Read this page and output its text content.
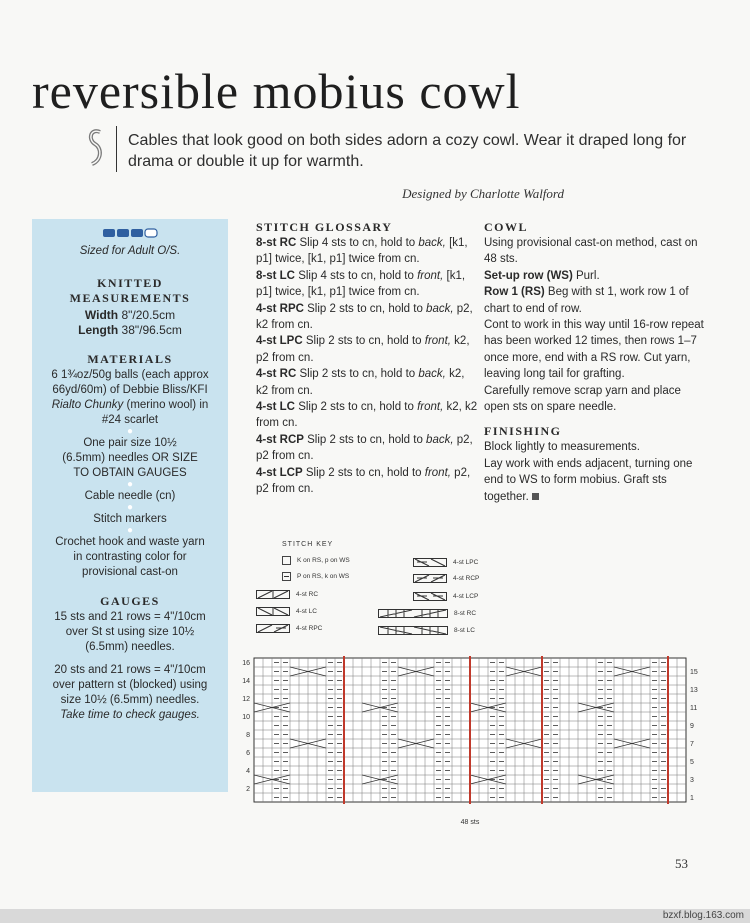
reversible mobius cowl
Cables that look good on both sides adorn a cozy cowl. Wear it draped long for drama or double it up for warmth.
Designed by Charlotte Walford
Sized for Adult O/S.
KNITTED MEASUREMENTS
Width 8"/20.5cm
Length 38"/96.5cm
MATERIALS
6 1¾oz/50g balls (each approx 66yd/60m) of Debbie Bliss/KFI Rialto Chunky (merino wool) in #24 scarlet
●
One pair size 10½ (6.5mm) needles OR SIZE TO OBTAIN GAUGES
●
Cable needle (cn)
●
Stitch markers
●
Crochet hook and waste yarn in contrasting color for provisional cast-on
GAUGES
15 sts and 21 rows = 4"/10cm over St st using size 10½ (6.5mm) needles.
20 sts and 21 rows = 4"/10cm over pattern st (blocked) using size 10½ (6.5mm) needles.
Take time to check gauges.
STITCH GLOSSARY
8-st RC Slip 4 sts to cn, hold to back, [k1, p1] twice, [k1, p1] twice from cn.
8-st LC Slip 4 sts to cn, hold to front, [k1, p1] twice, [k1, p1] twice from cn.
4-st RPC Slip 2 sts to cn, hold to back, p2, k2 from cn.
4-st LPC Slip 2 sts to cn, hold to front, k2, p2 from cn.
4-st RC Slip 2 sts to cn, hold to back, k2, k2 from cn.
4-st LC Slip 2 sts to cn, hold to front, k2, k2 from cn.
4-st RCP Slip 2 sts to cn, hold to back, p2, p2 from cn.
4-st LCP Slip 2 sts to cn, hold to front, p2, p2 from cn.
COWL
Using provisional cast-on method, cast on 48 sts.
Set-up row (WS) Purl.
Row 1 (RS) Beg with st 1, work row 1 of chart to end of row.
Cont to work in this way until 16-row repeat has been worked 12 times, then rows 1–7 once more, end with a RS row. Cut yarn, leaving long tail for grafting.
Carefully remove scrap yarn and place open sts on spare needle.
FINISHING
Block lightly to measurements.
Lay work with ends adjacent, turning one end to WS to form mobius. Graft sts together.
STITCH KEY
K on RS, p on WS
P on RS, k on WS
4-st RC
4-st LC
4-st RPC
4-st LPC
4-st RCP
4-st LCP
8-st RC
8-st LC
2
4
6
8
10
12
14
16
1
3
5
7
9
11
13
15
48 sts
53
bzxf.blog.163.com
